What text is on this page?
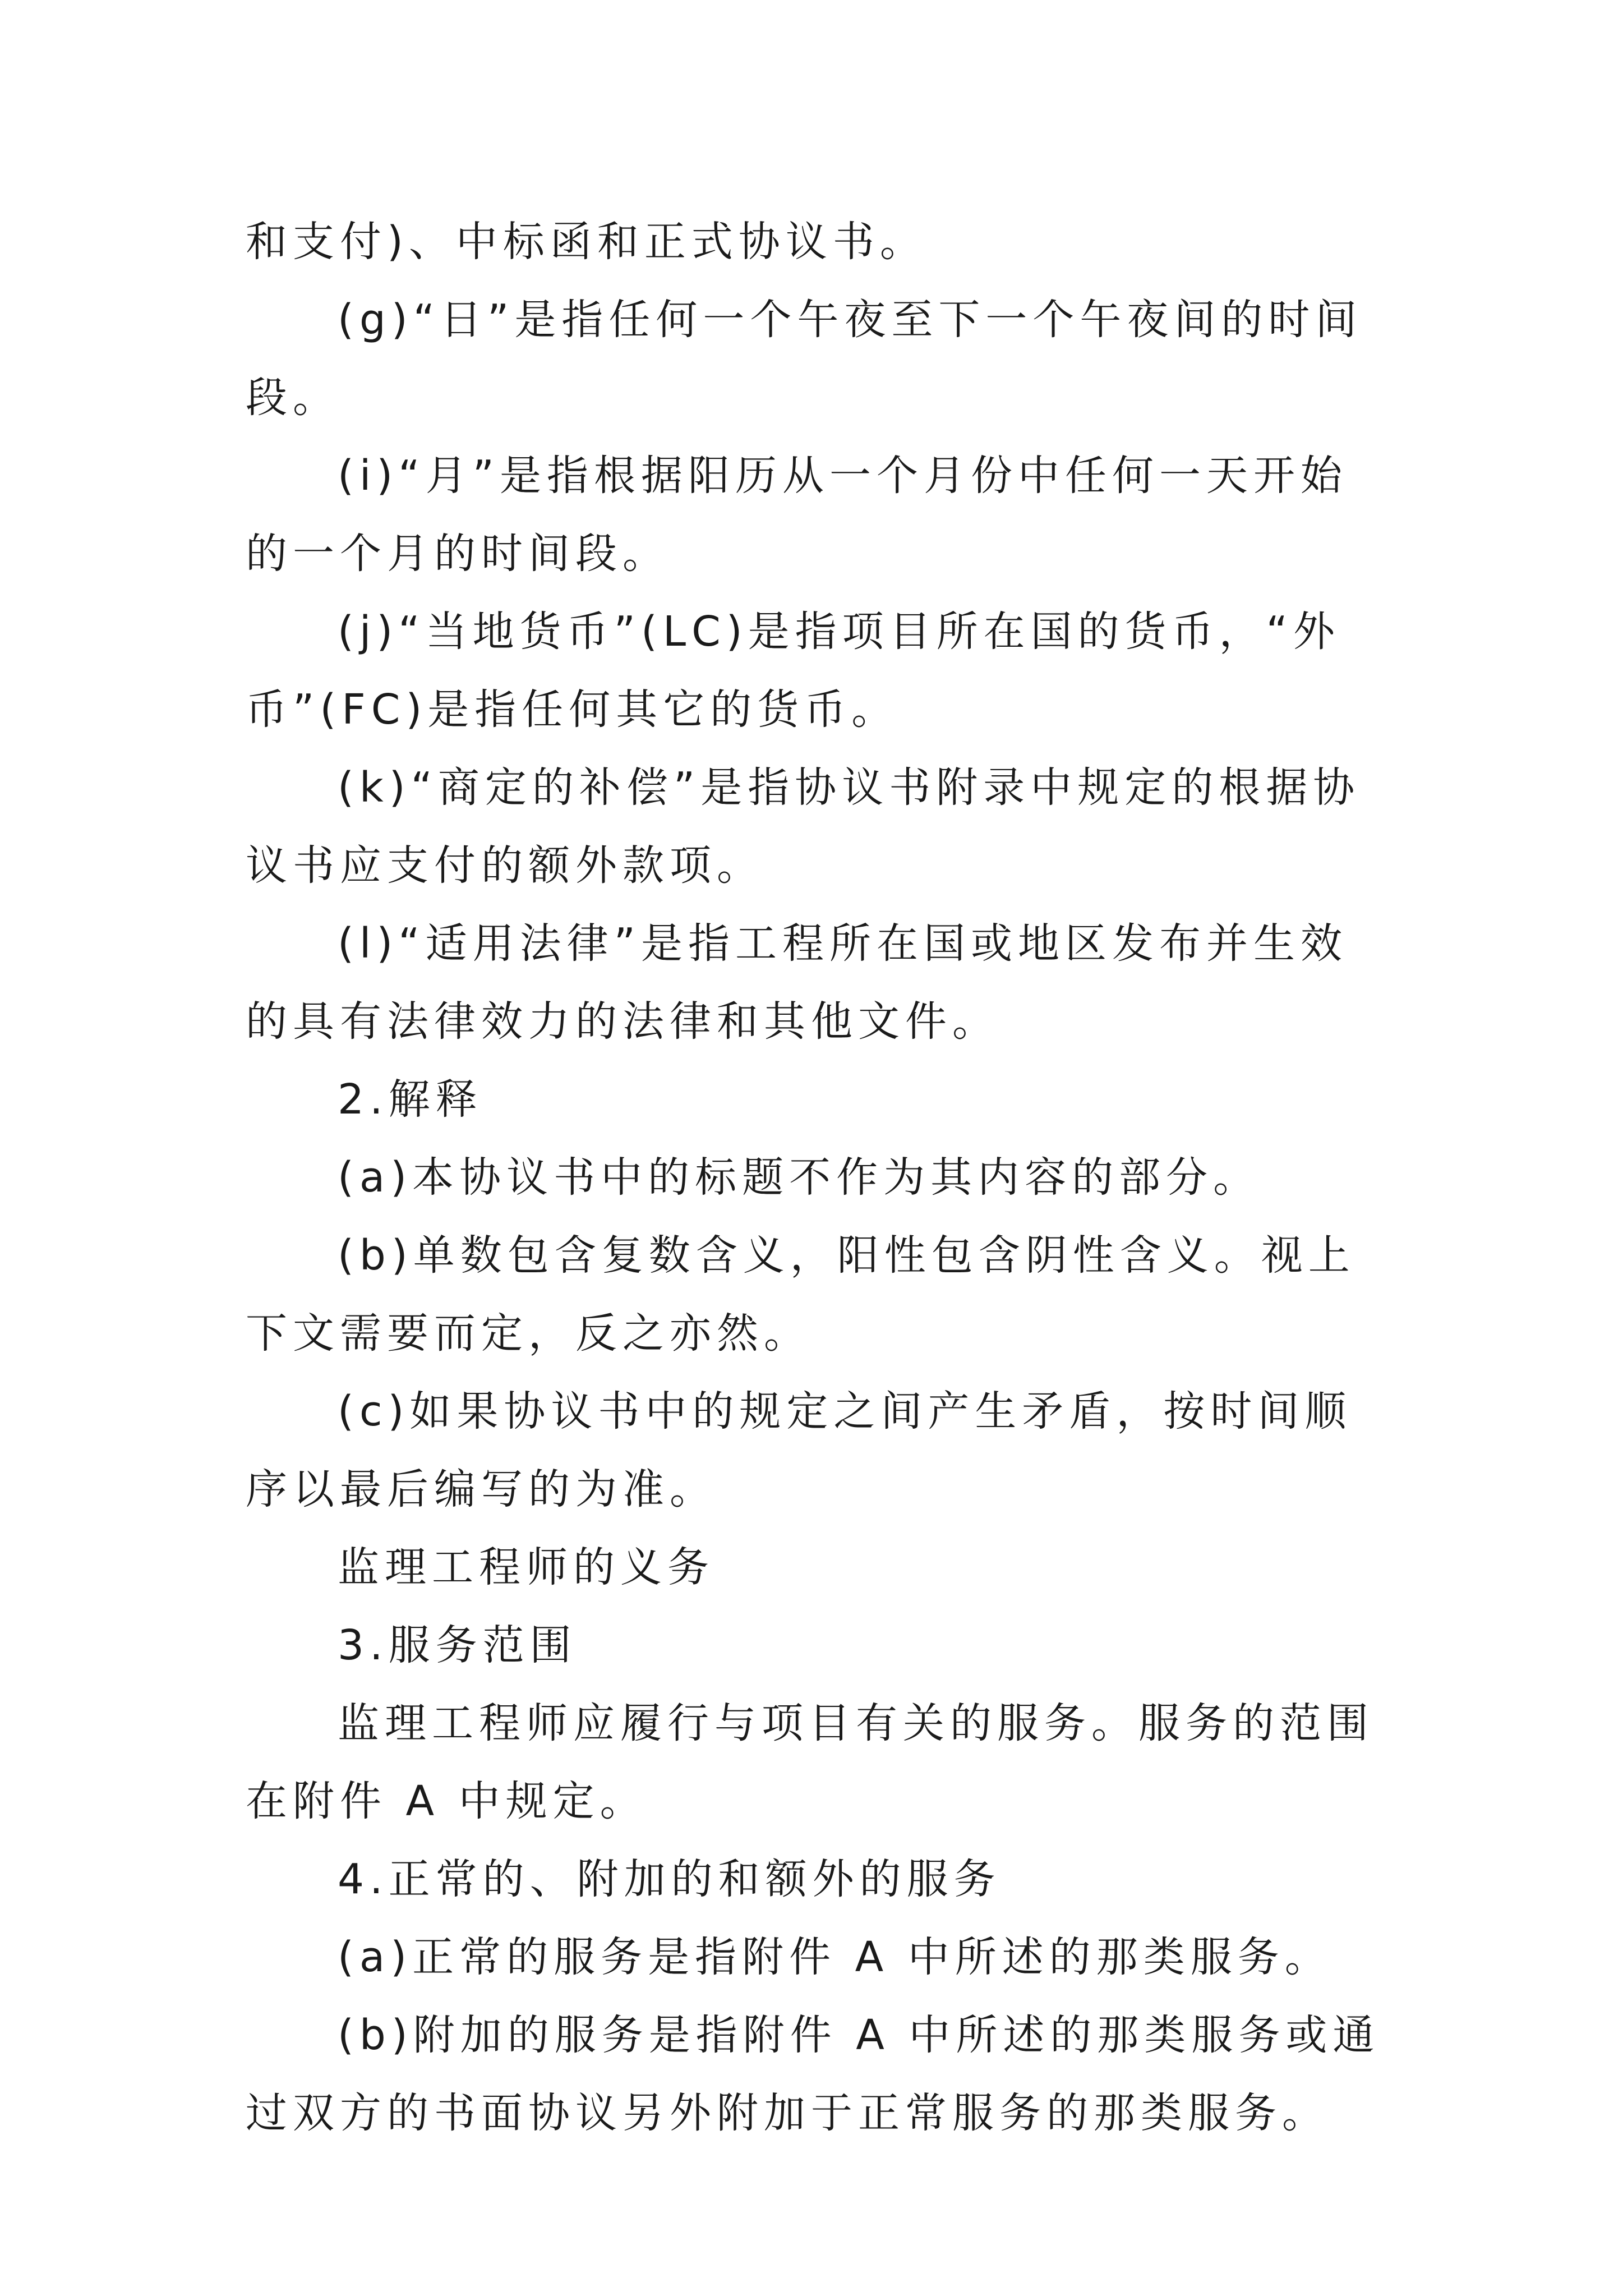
和支付)、中标函和正式协议书。

(g)“日”是指任何一个午夜至下一个午夜间的时间段。

(i)“月”是指根据阳历从一个月份中任何一天开始的一个月的时间段。

(j)“当地货币”(LC)是指项目所在国的货币，“外币”(FC)是指任何其它的货币。

(k)“商定的补偿”是指协议书附录中规定的根据协议书应支付的额外款项。

(l)“适用法律”是指工程所在国或地区发布并生效的具有法律效力的法律和其他文件。

2.解释

(a)本协议书中的标题不作为其内容的部分。

(b)单数包含复数含义，阳性包含阴性含义。视上下文需要而定，反之亦然。

(c)如果协议书中的规定之间产生矛盾，按时间顺序以最后编写的为准。

监理工程师的义务

3.服务范围

监理工程师应履行与项目有关的服务。服务的范围在附件 A 中规定。

4.正常的、附加的和额外的服务

(a)正常的服务是指附件 A 中所述的那类服务。

(b)附加的服务是指附件 A 中所述的那类服务或通过双方的书面协议另外附加于正常服务的那类服务。
